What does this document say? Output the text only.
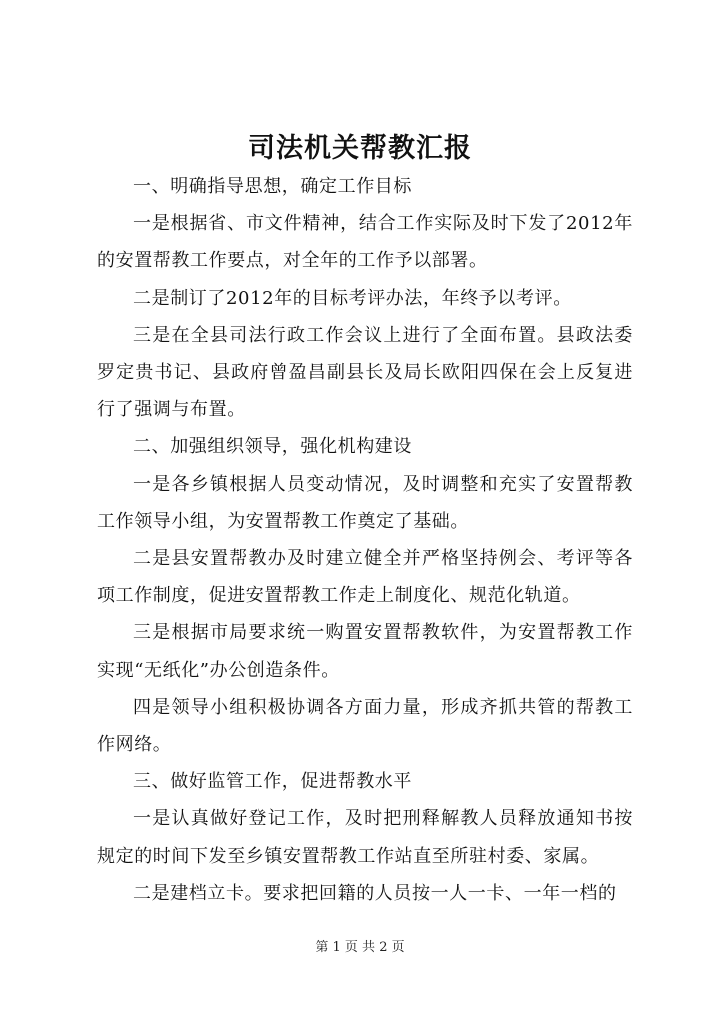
司法机关帮教汇报

一、明确指导思想，确定工作目标

一是根据省、市文件精神，结合工作实际及时下发了2012年的安置帮教工作要点，对全年的工作予以部署。

二是制订了2012年的目标考评办法，年终予以考评。

三是在全县司法行政工作会议上进行了全面布置。县政法委罗定贵书记、县政府曾盈昌副县长及局长欧阳四保在会上反复进行了强调与布置。

二、加强组织领导，强化机构建设

一是各乡镇根据人员变动情况，及时调整和充实了安置帮教工作领导小组，为安置帮教工作奠定了基础。

二是县安置帮教办及时建立健全并严格坚持例会、考评等各项工作制度，促进安置帮教工作走上制度化、规范化轨道。

三是根据市局要求统一购置安置帮教软件，为安置帮教工作实现“无纸化”办公创造条件。

四是领导小组积极协调各方面力量，形成齐抓共管的帮教工作网络。

三、做好监管工作，促进帮教水平

一是认真做好登记工作，及时把刑释解教人员释放通知书按规定的时间下发至乡镇安置帮教工作站直至所驻村委、家属。

二是建档立卡。要求把回籍的人员按一人一卡、一年一档的

第 1 页 共 2 页
